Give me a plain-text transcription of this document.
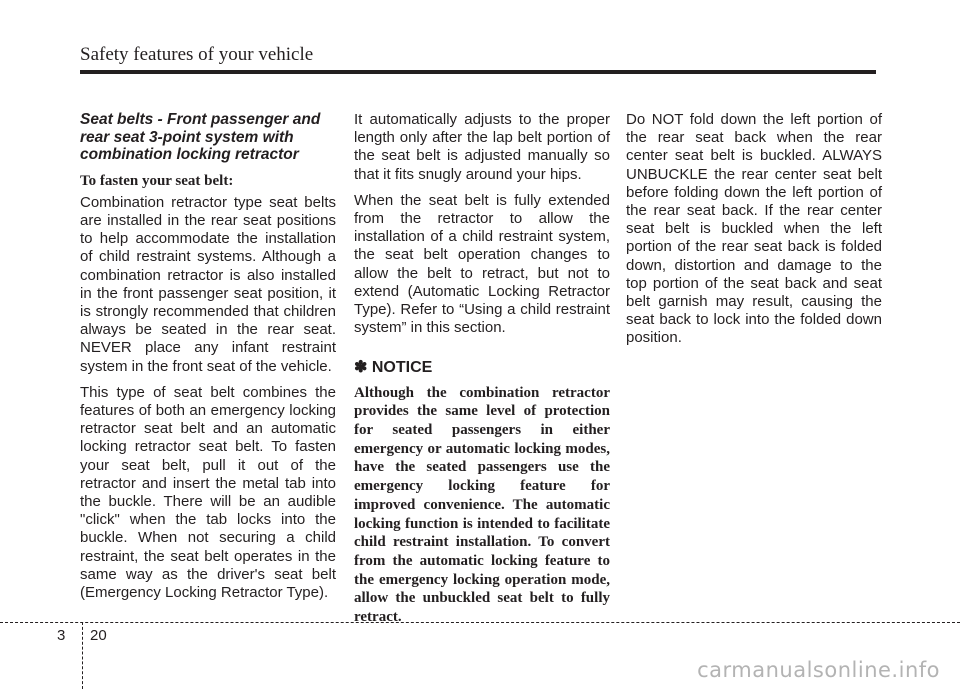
Safety features of your vehicle
Seat belts - Front passenger and rear seat 3-point system with combination locking retractor
To fasten your seat belt:

Combination retractor type seat belts are installed in the rear seat positions to help accommodate the installation of child restraint systems. Although a combination retractor is also installed in the front passenger seat position, it is strongly recommended that children always be seated in the rear seat. NEVER place any infant restraint system in the front seat of the vehicle.

This type of seat belt combines the features of both an emergency locking retractor seat belt and an automatic locking retractor seat belt. To fasten your seat belt, pull it out of the retractor and insert the metal tab into the buckle. There will be an audible "click" when the tab locks into the buckle. When not securing a child restraint, the seat belt operates in the same way as the driver's seat belt (Emergency Locking Retractor Type).

It automatically adjusts to the proper length only after the lap belt portion of the seat belt is adjusted manually so that it fits snugly around your hips.

When the seat belt is fully extended from the retractor to allow the installation of a child restraint system, the seat belt operation changes to allow the belt to retract, but not to extend (Automatic Locking Retractor Type). Refer to “Using a child restraint system” in this section.

✽ NOTICE

Although the combination retractor provides the same level of protection for seated passengers in either emergency or automatic locking modes, have the seated passengers use the emergency locking feature for improved convenience. The automatic locking function is intended to facilitate child restraint installation. To convert from the automatic locking feature to the emergency locking operation mode, allow the unbuckled seat belt to fully retract.

Do NOT fold down the left portion of the rear seat back when the rear center seat belt is buckled. ALWAYS UNBUCKLE the rear center seat belt before folding down the left portion of the rear seat back. If the rear center seat belt is buckled when the left portion of the rear seat back is folded down, distortion and damage to the top portion of the seat back and seat belt garnish may result, causing the seat back to lock into the folded down position.

3 20
carmanualsonline.info
